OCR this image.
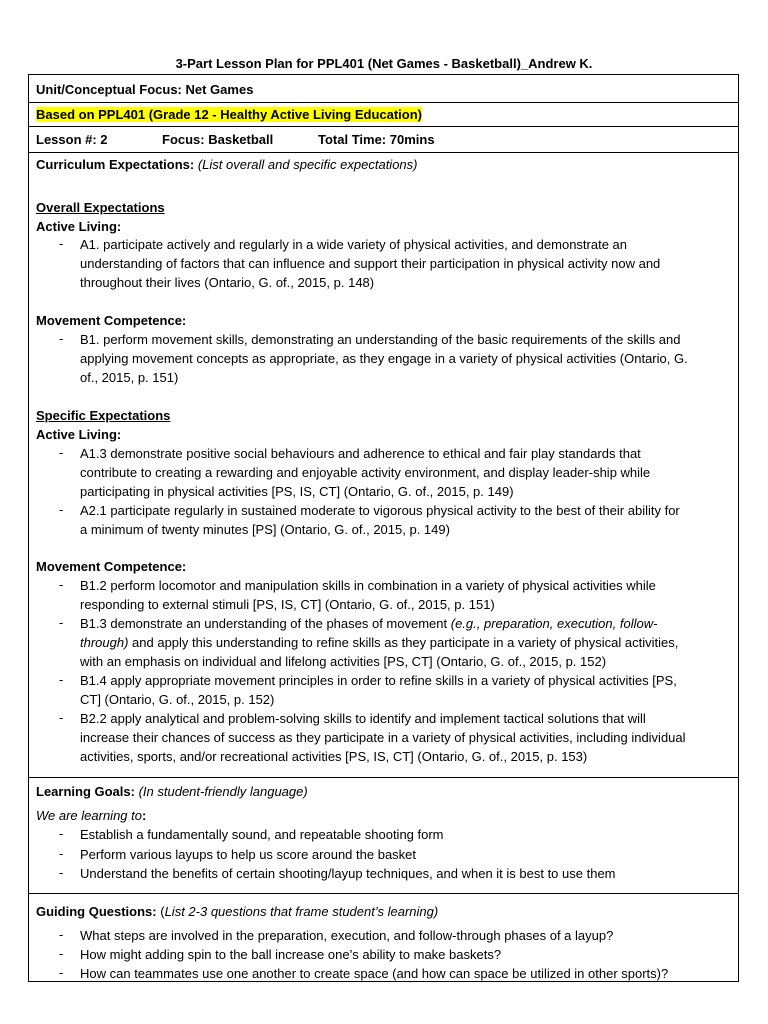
3-Part Lesson Plan for PPL401 (Net Games - Basketball)_Andrew K.
Unit/Conceptual Focus: Net Games
Based on PPL401 (Grade 12 - Healthy Active Living Education)
Lesson #: 2	Focus: Basketball	Total Time: 70mins
Curriculum Expectations: (List overall and specific expectations)
Overall Expectations
Active Living:
- A1. participate actively and regularly in a wide variety of physical activities, and demonstrate an
understanding of factors that can influence and support their participation in physical activity now and
throughout their lives (Ontario, G. of., 2015, p. 148)
Movement Competence:
- B1. perform movement skills, demonstrating an understanding of the basic requirements of the skills and
applying movement concepts as appropriate, as they engage in a variety of physical activities (Ontario, G.
of., 2015, p. 151)
Specific Expectations
Active Living:
- A1.3 demonstrate positive social behaviours and adherence to ethical and fair play standards that
contribute to creating a rewarding and enjoyable activity environment, and display leader-ship while
participating in physical activities [PS, IS, CT] (Ontario, G. of., 2015, p. 149)
- A2.1 participate regularly in sustained moderate to vigorous physical activity to the best of their ability for
a minimum of twenty minutes [PS] (Ontario, G. of., 2015, p. 149)
Movement Competence:
- B1.2 perform locomotor and manipulation skills in combination in a variety of physical activities while
responding to external stimuli [PS, IS, CT] (Ontario, G. of., 2015, p. 151)
- B1.3 demonstrate an understanding of the phases of movement (e.g., preparation, execution, follow-
through) and apply this understanding to refine skills as they participate in a variety of physical activities,
with an emphasis on individual and lifelong activities [PS, CT] (Ontario, G. of., 2015, p. 152)
- B1.4 apply appropriate movement principles in order to refine skills in a variety of physical activities [PS,
CT] (Ontario, G. of., 2015, p. 152)
- B2.2 apply analytical and problem-solving skills to identify and implement tactical solutions that will
increase their chances of success as they participate in a variety of physical activities, including individual
activities, sports, and/or recreational activities [PS, IS, CT] (Ontario, G. of., 2015, p. 153)
Learning Goals: (In student-friendly language)
We are learning to:
- Establish a fundamentally sound, and repeatable shooting form
- Perform various layups to help us score around the basket
- Understand the benefits of certain shooting/layup techniques, and when it is best to use them
Guiding Questions: (List 2-3 questions that frame student’s learning)
- What steps are involved in the preparation, execution, and follow-through phases of a layup?
- How might adding spin to the ball increase one’s ability to make baskets?
- How can teammates use one another to create space (and how can space be utilized in other sports)?
